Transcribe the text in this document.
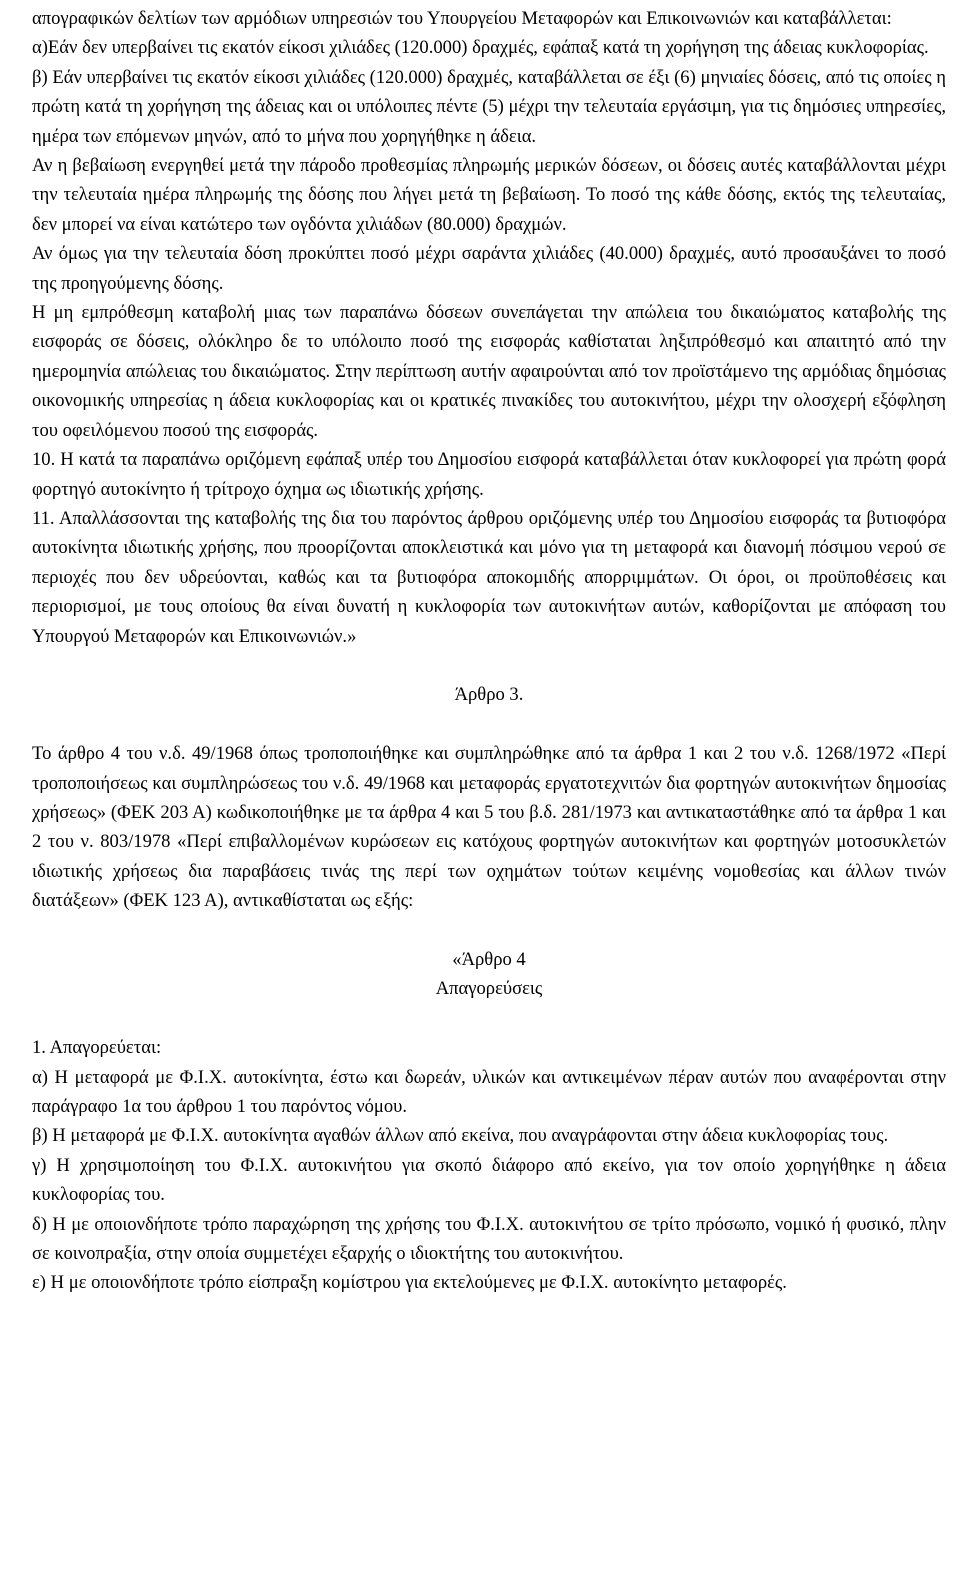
απογραφικών δελτίων των αρμόδιων υπηρεσιών του Υπουργείου Μεταφορών και Επικοινωνιών και καταβάλλεται:

α)Εάν δεν υπερβαίνει τις εκατόν είκοσι χιλιάδες (120.000) δραχμές, εφάπαξ κατά τη χορήγηση της άδειας κυκλοφορίας.

β) Εάν υπερβαίνει τις εκατόν είκοσι χιλιάδες (120.000) δραχμές, καταβάλλεται σε έξι (6) μηνιαίες δόσεις, από τις οποίες η πρώτη κατά τη χορήγηση της άδειας και οι υπόλοιπες πέντε (5) μέχρι την τελευταία εργάσιμη, για τις δημόσιες υπηρεσίες, ημέρα των επόμενων μηνών, από το μήνα που χορηγήθηκε η άδεια.

Αν η βεβαίωση ενεργηθεί μετά την πάροδο προθεσμίας πληρωμής μερικών δόσεων, οι δόσεις αυτές καταβάλλονται μέχρι την τελευταία ημέρα πληρωμής της δόσης που λήγει μετά τη βεβαίωση. Το ποσό της κάθε δόσης, εκτός της τελευταίας, δεν μπορεί να είναι κατώτερο των ογδόντα χιλιάδων (80.000) δραχμών.

Αν όμως για την τελευταία δόση προκύπτει ποσό μέχρι σαράντα χιλιάδες (40.000) δραχμές, αυτό προσαυξάνει το ποσό της προηγούμενης δόσης.

Η μη εμπρόθεσμη καταβολή μιας των παραπάνω δόσεων συνεπάγεται την απώλεια του δικαιώματος καταβολής της εισφοράς σε δόσεις, ολόκληρο δε το υπόλοιπο ποσό της εισφοράς καθίσταται ληξιπρόθεσμό και απαιτητό από την ημερομηνία απώλειας του δικαιώματος. Στην περίπτωση αυτήν αφαιρούνται από τον προϊστάμενο της αρμόδιας δημόσιας οικονομικής υπηρεσίας η άδεια κυκλοφορίας και οι κρατικές πινακίδες του αυτοκινήτου, μέχρι την ολοσχερή εξόφληση του οφειλόμενου ποσού της εισφοράς.

10. Η κατά τα παραπάνω οριζόμενη εφάπαξ υπέρ του Δημοσίου εισφορά καταβάλλεται όταν κυκλοφορεί για πρώτη φορά φορτηγό αυτοκίνητο ή τρίτροχο όχημα ως ιδιωτικής χρήσης.

11. Απαλλάσσονται της καταβολής της δια του παρόντος άρθρου οριζόμενης υπέρ του Δημοσίου εισφοράς τα βυτιοφόρα αυτοκίνητα ιδιωτικής χρήσης, που προορίζονται αποκλειστικά και μόνο για τη μεταφορά και διανομή πόσιμου νερού σε περιοχές που δεν υδρεύονται, καθώς και τα βυτιοφόρα αποκομιδής απορριμμάτων. Οι όροι, οι προϋποθέσεις και περιορισμοί, με τους οποίους θα είναι δυνατή η κυκλοφορία των αυτοκινήτων αυτών, καθορίζονται με απόφαση του Υπουργού Μεταφορών και Επικοινωνιών.»

Άρθρο 3.

Το άρθρο 4 του ν.δ. 49/1968 όπως τροποποιήθηκε και συμπληρώθηκε από τα άρθρα 1 και 2 του ν.δ. 1268/1972 «Περί τροποποιήσεως και συμπληρώσεως του ν.δ. 49/1968 και μεταφοράς εργατοτεχνιτών δια φορτηγών αυτοκινήτων δημοσίας χρήσεως» (ΦΕΚ 203 Α) κωδικοποιήθηκε με τα άρθρα 4 και 5 του β.δ. 281/1973 και αντικαταστάθηκε από τα άρθρα 1 και 2 του ν. 803/1978 «Περί επιβαλλομένων κυρώσεων εις κατόχους φορτηγών αυτοκινήτων και φορτηγών μοτοσυκλετών ιδιωτικής χρήσεως δια παραβάσεις τινάς της περί των οχημάτων τούτων κειμένης νομοθεσίας και άλλων τινών διατάξεων» (ΦΕΚ 123 Α), αντικαθίσταται ως εξής:

«Άρθρο 4

Απαγορεύσεις

1. Απαγορεύεται:

α) Η μεταφορά με Φ.Ι.Χ. αυτοκίνητα, έστω και δωρεάν, υλικών και αντικειμένων πέραν αυτών που αναφέρονται στην παράγραφο 1α του άρθρου 1 του παρόντος νόμου.

β) Η μεταφορά με Φ.Ι.Χ. αυτοκίνητα αγαθών άλλων από εκείνα, που αναγράφονται στην άδεια κυκλοφορίας τους.

γ) Η χρησιμοποίηση του Φ.Ι.Χ. αυτοκινήτου για σκοπό διάφορο από εκείνο, για τον οποίο χορηγήθηκε η άδεια κυκλοφορίας του.

δ) Η με οποιονδήποτε τρόπο παραχώρηση της χρήσης του Φ.Ι.Χ. αυτοκινήτου σε τρίτο πρόσωπο, νομικό ή φυσικό, πλην σε κοινοπραξία, στην οποία συμμετέχει εξαρχής ο ιδιοκτήτης του αυτοκινήτου.

ε) Η με οποιονδήποτε τρόπο είσπραξη κομίστρου για εκτελούμενες με Φ.Ι.Χ. αυτοκίνητο μεταφορές.
